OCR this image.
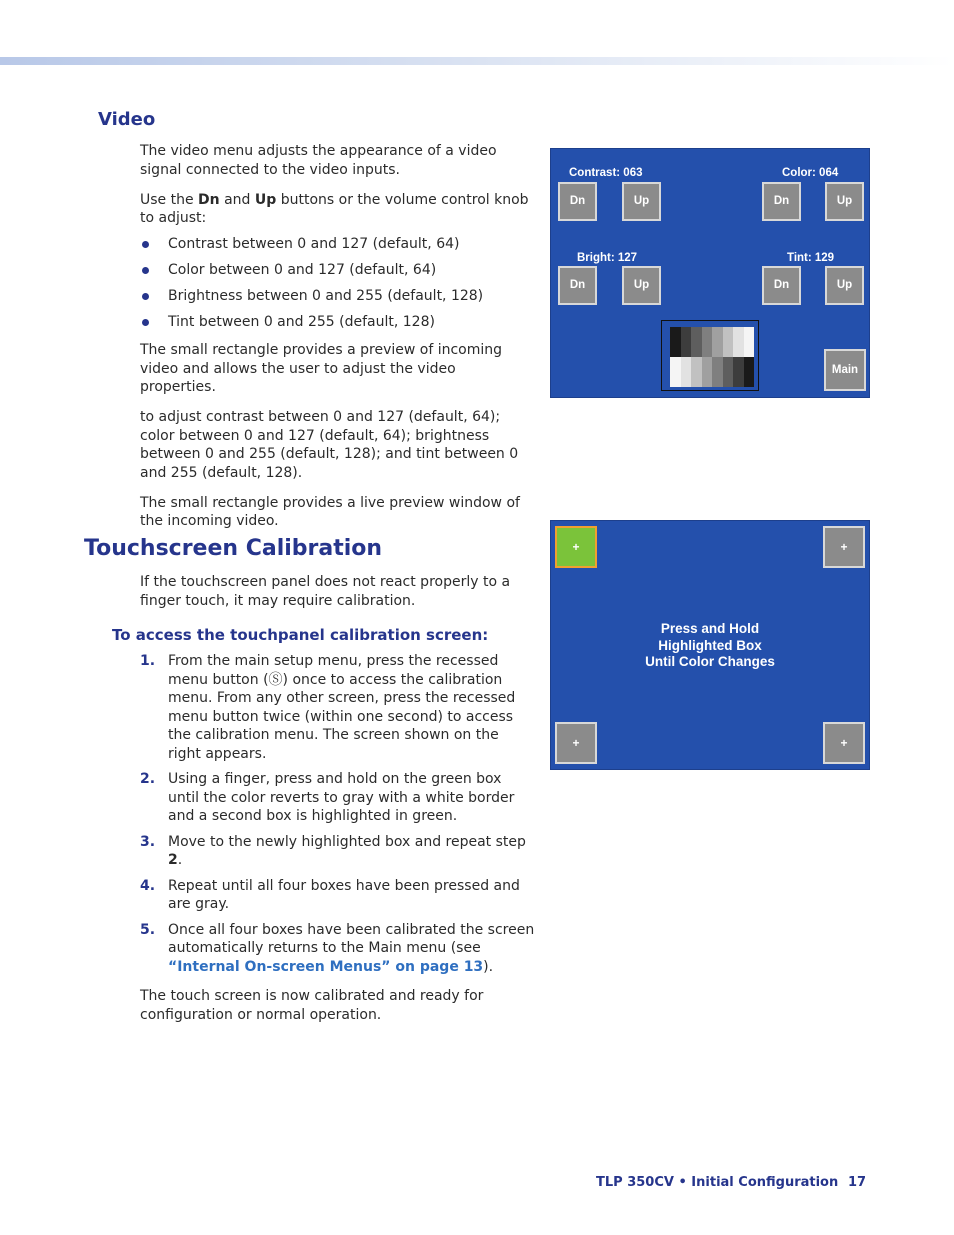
Video

The video menu adjusts the appearance of a video signal connected to the video inputs.

Use the Dn and Up buttons or the volume control knob to adjust:

Contrast between 0 and 127 (default, 64)
Color between 0 and 127 (default, 64)
Brightness between 0 and 255 (default, 128)
Tint between 0 and 255 (default, 128)

The small rectangle provides a preview of incoming video and allows the user to adjust the video properties.

to adjust contrast between 0 and 127 (default, 64); color between 0 and 127 (default, 64); brightness between 0 and 255 (default, 128); and tint between 0 and 255 (default, 128).

The small rectangle provides a live preview window of the incoming video.

Contrast: 063	Color: 064
Dn	Up	Dn	Up
Bright: 127	Tint: 129
Dn	Up	Dn	Up
Main
Touchscreen Calibration
If the touchscreen panel does not react properly to a finger touch, it may require calibration.
To access the touchpanel calibration screen:
1. From the main setup menu, press the recessed menu button (Ⓢ) once to access the calibration menu. From any other screen, press the recessed menu button twice (within one second) to access the calibration menu. The screen shown on the right appears.
2. Using a finger, press and hold on the green box until the color reverts to gray with a white border and a second box is highlighted in green.
3. Move to the newly highlighted box and repeat step 2.
4. Repeat until all four boxes have been pressed and are gray.
5. Once all four boxes have been calibrated the screen automatically returns to the Main menu (see “Internal On-screen Menus” on page 13).

The touch screen is now calibrated and ready for configuration or normal operation.

+	+
Press and Hold
Highlighted Box
Until Color Changes
+	+
TLP 350CV • Initial Configuration 17
